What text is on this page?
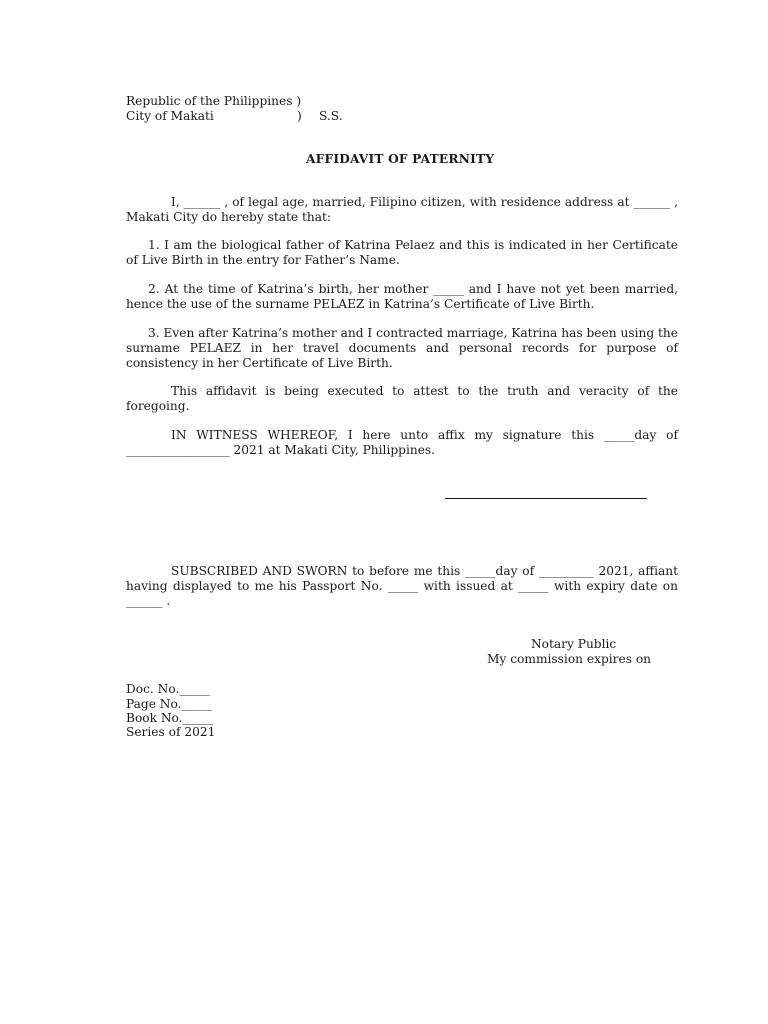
Republic of the Philippines )
City of Makati	) S.S.
AFFIDAVIT OF PATERNITY
I, ______ , of legal age, married, Filipino citizen, with residence address at ______ , Makati City do hereby state that:
1. I am the biological father of Katrina Pelaez and this is indicated in her Certificate of Live Birth in the entry for Father’s Name.
2. At the time of Katrina’s birth, her mother _____ and I have not yet been married, hence the use of the surname PELAEZ in Katrina’s Certificate of Live Birth.
3. Even after Katrina’s mother and I contracted marriage, Katrina has been using the surname PELAEZ in her travel documents and personal records for purpose of consistency in her Certificate of Live Birth.
This affidavit is being executed to attest to the truth and veracity of the foregoing.
IN WITNESS WHEREOF, I here unto affix my signature this _____day of _________________ 2021 at Makati City, Philippines.
SUBSCRIBED AND SWORN to before me this _____day of _________ 2021, affiant having displayed to me his Passport No. _____ with issued at _____ with expiry date on ______ .
Notary Public
My commission expires on
Doc. No._____
Page No._____
Book No._____
Series of 2021
